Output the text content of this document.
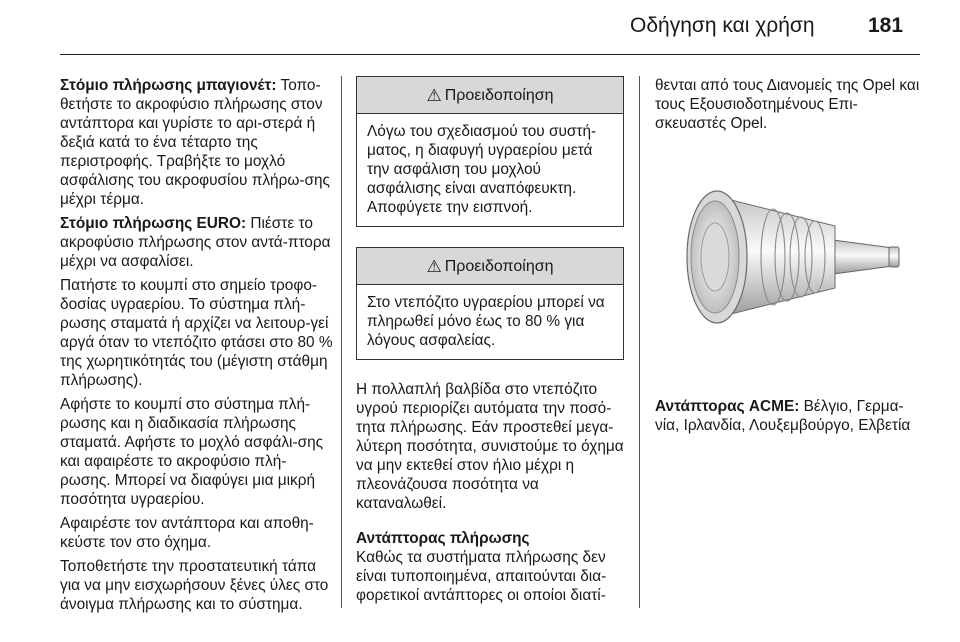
Οδήγηση και χρήση	181

Στόμιο πλήρωσης μπαγιονέτ: Τοπο-θετήστε το ακροφύσιο πλήρωσης στον αντάπτορα και γυρίστε το αρι-στερά ή δεξιά κατά το ένα τέταρτο της περιστροφής. Τραβήξτε το μοχλό ασφάλισης του ακροφυσίου πλήρω-σης μέχρι τέρμα.

Στόμιο πλήρωσης EURO: Πιέστε το ακροφύσιο πλήρωσης στον αντά-πτορα μέχρι να ασφαλίσει.

Πατήστε το κουμπί στο σημείο τροφο-δοσίας υγραερίου. Το σύστημα πλή-ρωσης σταματά ή αρχίζει να λειτουρ-γεί αργά όταν το ντεπόζιτο φτάσει στο 80 % της χωρητικότητάς του (μέγιστη στάθμη πλήρωσης).

Αφήστε το κουμπί στο σύστημα πλή-ρωσης και η διαδικασία πλήρωσης σταματά. Αφήστε το μοχλό ασφάλι-σης και αφαιρέστε το ακροφύσιο πλή-ρωσης. Μπορεί να διαφύγει μια μικρή ποσότητα υγραερίου.

Αφαιρέστε τον αντάπτορα και αποθη-κεύστε τον στο όχημα.

Τοποθετήστε την προστατευτική τάπα για να μην εισχωρήσουν ξένες ύλες στο άνοιγμα πλήρωσης και το σύστημα.

⚠ Προειδοποίηση
Λόγω του σχεδιασμού του συστή-ματος, η διαφυγή υγραερίου μετά την ασφάλιση του μοχλού ασφάλισης είναι αναπόφευκτη. Αποφύγετε την εισπνοή.
⚠ Προειδοποίηση
Στο ντεπόζιτο υγραερίου μπορεί να πληρωθεί μόνο έως το 80 % για λόγους ασφαλείας.

Η πολλαπλή βαλβίδα στο ντεπόζιτο υγρού περιορίζει αυτόματα την ποσό-τητα πλήρωσης. Εάν προστεθεί μεγα-λύτερη ποσότητα, συνιστούμε το όχημα να μην εκτεθεί στον ήλιο μέχρι η πλεονάζουσα ποσότητα να καταναλωθεί.

Αντάπτορας πλήρωσης
Καθώς τα συστήματα πλήρωσης δεν είναι τυποποιημένα, απαιτούνται δια-φορετικοί αντάπτορες οι οποίοι διατί-

θενται από τους Διανομείς της Opel και τους Εξουσιοδοτημένους Επι-σκευαστές Opel.

Αντάπτορας ACME: Βέλγιο, Γερμα-νία, Ιρλανδία, Λουξεμβούργο, Ελβετία
